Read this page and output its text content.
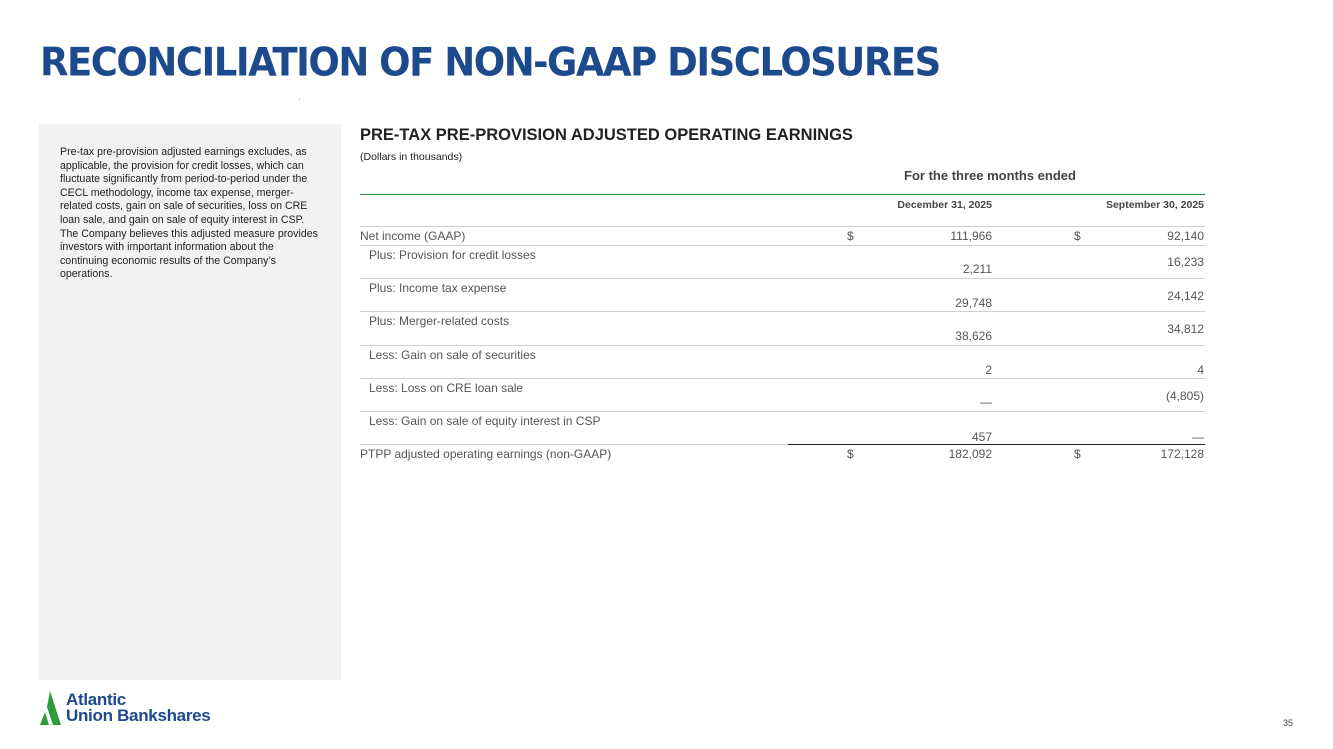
RECONCILIATION OF NON-GAAP DISCLOSURES

Pre-tax pre-provision adjusted earnings excludes, as applicable, the provision for credit losses, which can fluctuate significantly from period-to-period under the CECL methodology, income tax expense, merger-related costs, gain on sale of securities, loss on CRE loan sale, and gain on sale of equity interest in CSP. The Company believes this adjusted measure provides investors with important information about the continuing economic results of the Company’s operations.

PRE-TAX PRE-PROVISION ADJUSTED OPERATING EARNINGS
(Dollars in thousands)
For the three months ended
December 31, 2025	September 30, 2025
Net income (GAAP)	$	111,966	$	92,140
Plus: Provision for credit losses
2,211	16,233
Plus: Income tax expense
29,748	24,142
Plus: Merger-related costs
38,626	34,812
Less: Gain on sale of securities
2	4
Less: Loss on CRE loan sale
—	(4,805)
Less: Gain on sale of equity interest in CSP
457	—
PTPP adjusted operating earnings (non-GAAP)	$	182,092	$	172,128
Atlantic
Union Bankshares	35
